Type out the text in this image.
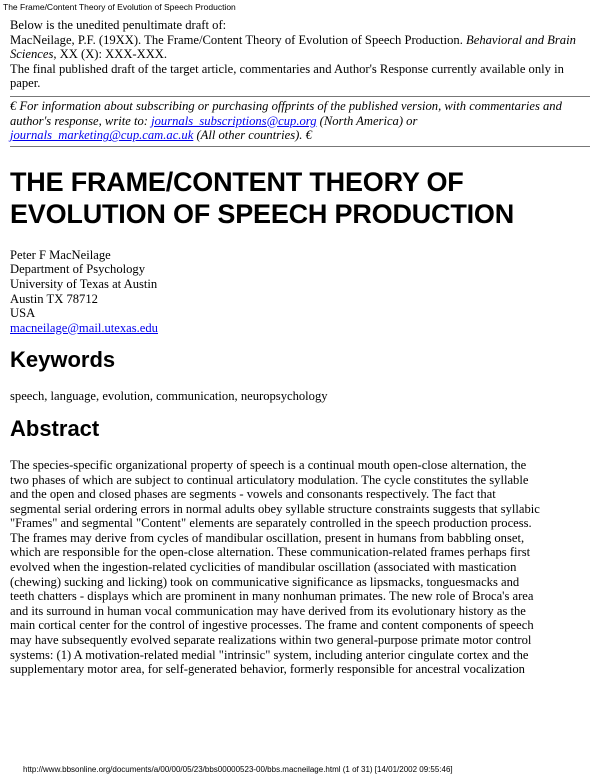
The Frame/Content Theory of Evolution of Speech Production

Below is the unedited penultimate draft of:

MacNeilage, P.F. (19XX). The Frame/Content Theory of Evolution of Speech Production. Behavioral and Brain Sciences, XX (X): XXX-XXX.

The final published draft of the target article, commentaries and Author's Response currently available only in paper.

€ For information about subscribing or purchasing offprints of the published version, with commentaries and author's response, write to: journals_subscriptions@cup.org (North America) or journals_marketing@cup.cam.ac.uk (All other countries). €
THE FRAME/CONTENT THEORY OF
EVOLUTION OF SPEECH PRODUCTION

Peter F MacNeilage

Department of Psychology

University of Texas at Austin

Austin TX 78712

USA

macneilage@mail.utexas.edu

Keywords

speech, language, evolution, communication, neuropsychology

Abstract

The species-specific organizational property of speech is a continual mouth open-close alternation, the
two phases of which are subject to continual articulatory modulation. The cycle constitutes the syllable
and the open and closed phases are segments - vowels and consonants respectively. The fact that
segmental serial ordering errors in normal adults obey syllable structure constraints suggests that syllabic
"Frames" and segmental "Content" elements are separately controlled in the speech production process.
The frames may derive from cycles of mandibular oscillation, present in humans from babbling onset,
which are responsible for the open-close alternation. These communication-related frames perhaps first
evolved when the ingestion-related cyclicities of mandibular oscillation (associated with mastication
(chewing) sucking and licking) took on communicative significance as lipsmacks, tonguesmacks and
teeth chatters - displays which are prominent in many nonhuman primates. The new role of Broca's area
and its surround in human vocal communication may have derived from its evolutionary history as the
main cortical center for the control of ingestive processes. The frame and content components of speech
may have subsequently evolved separate realizations within two general-purpose primate motor control
systems: (1) A motivation-related medial "intrinsic" system, including anterior cingulate cortex and the
supplementary motor area, for self-generated behavior, formerly responsible for ancestral vocalization

http://www.bbsonline.org/documents/a/00/00/05/23/bbs00000523-00/bbs.macneilage.html (1 of 31) [14/01/2002 09:55:46]
